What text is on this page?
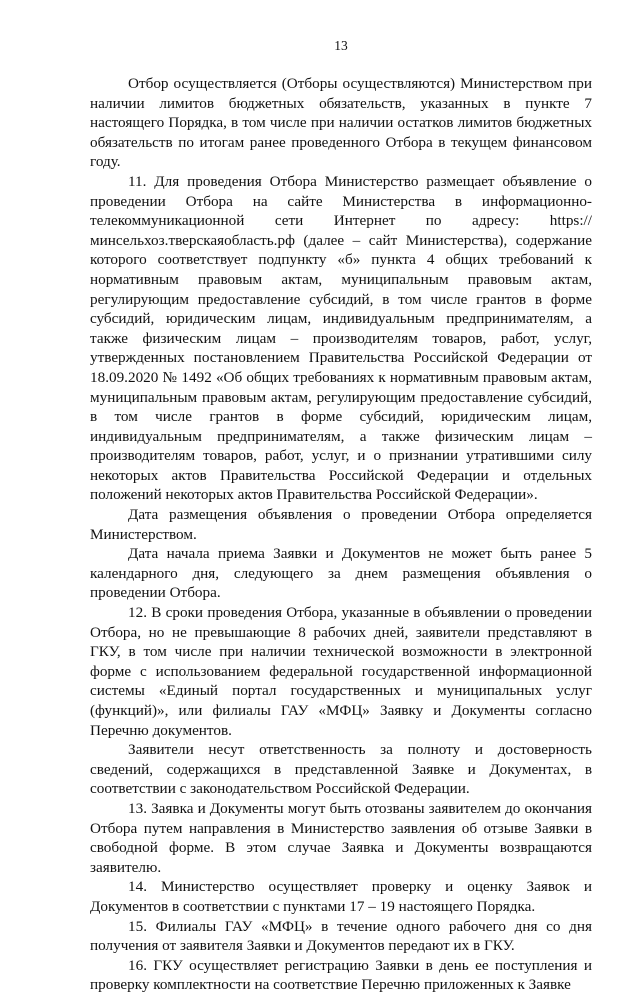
13

Отбор осуществляется (Отборы осуществляются) Министерством при наличии лимитов бюджетных обязательств, указанных в пункте 7 настоящего Порядка, в том числе при наличии остатков лимитов бюджетных обязательств по итогам ранее проведенного Отбора в текущем финансовом году.

11. Для проведения Отбора Министерство размещает объявление о проведении Отбора на сайте Министерства в информационно-телекоммуникационной сети Интернет по адресу: https://минсельхоз.тверскаяобласть.рф (далее – сайт Министерства), содержание которого соответствует подпункту «б» пункта 4 общих требований к нормативным правовым актам, муниципальным правовым актам, регулирующим предоставление субсидий, в том числе грантов в форме субсидий, юридическим лицам, индивидуальным предпринимателям, а также физическим лицам – производителям товаров, работ, услуг, утвержденных постановлением Правительства Российской Федерации от 18.09.2020 № 1492 «Об общих требованиях к нормативным правовым актам, муниципальным правовым актам, регулирующим предоставление субсидий, в том числе грантов в форме субсидий, юридическим лицам, индивидуальным предпринимателям, а также физическим лицам – производителям товаров, работ, услуг, и о признании утратившими силу некоторых актов Правительства Российской Федерации и отдельных положений некоторых актов Правительства Российской Федерации».

Дата размещения объявления о проведении Отбора определяется Министерством.

Дата начала приема Заявки и Документов не может быть ранее 5 календарного дня, следующего за днем размещения объявления о проведении Отбора.

12. В сроки проведения Отбора, указанные в объявлении о проведении Отбора, но не превышающие 8 рабочих дней, заявители представляют в ГКУ, в том числе при наличии технической возможности в электронной форме с использованием федеральной государственной информационной системы «Единый портал государственных и муниципальных услуг (функций)», или филиалы ГАУ «МФЦ» Заявку и Документы согласно Перечню документов.

Заявители несут ответственность за полноту и достоверность сведений, содержащихся в представленной Заявке и Документах, в соответствии с законодательством Российской Федерации.

13. Заявка и Документы могут быть отозваны заявителем до окончания Отбора путем направления в Министерство заявления об отзыве Заявки в свободной форме. В этом случае Заявка и Документы возвращаются заявителю.

14. Министерство осуществляет проверку и оценку Заявок и Документов в соответствии с пунктами 17 – 19 настоящего Порядка.

15. Филиалы ГАУ «МФЦ» в течение одного рабочего дня со дня получения от заявителя Заявки и Документов передают их в ГКУ.

16. ГКУ осуществляет регистрацию Заявки в день ее поступления и проверку комплектности на соответствие Перечню приложенных к Заявке
